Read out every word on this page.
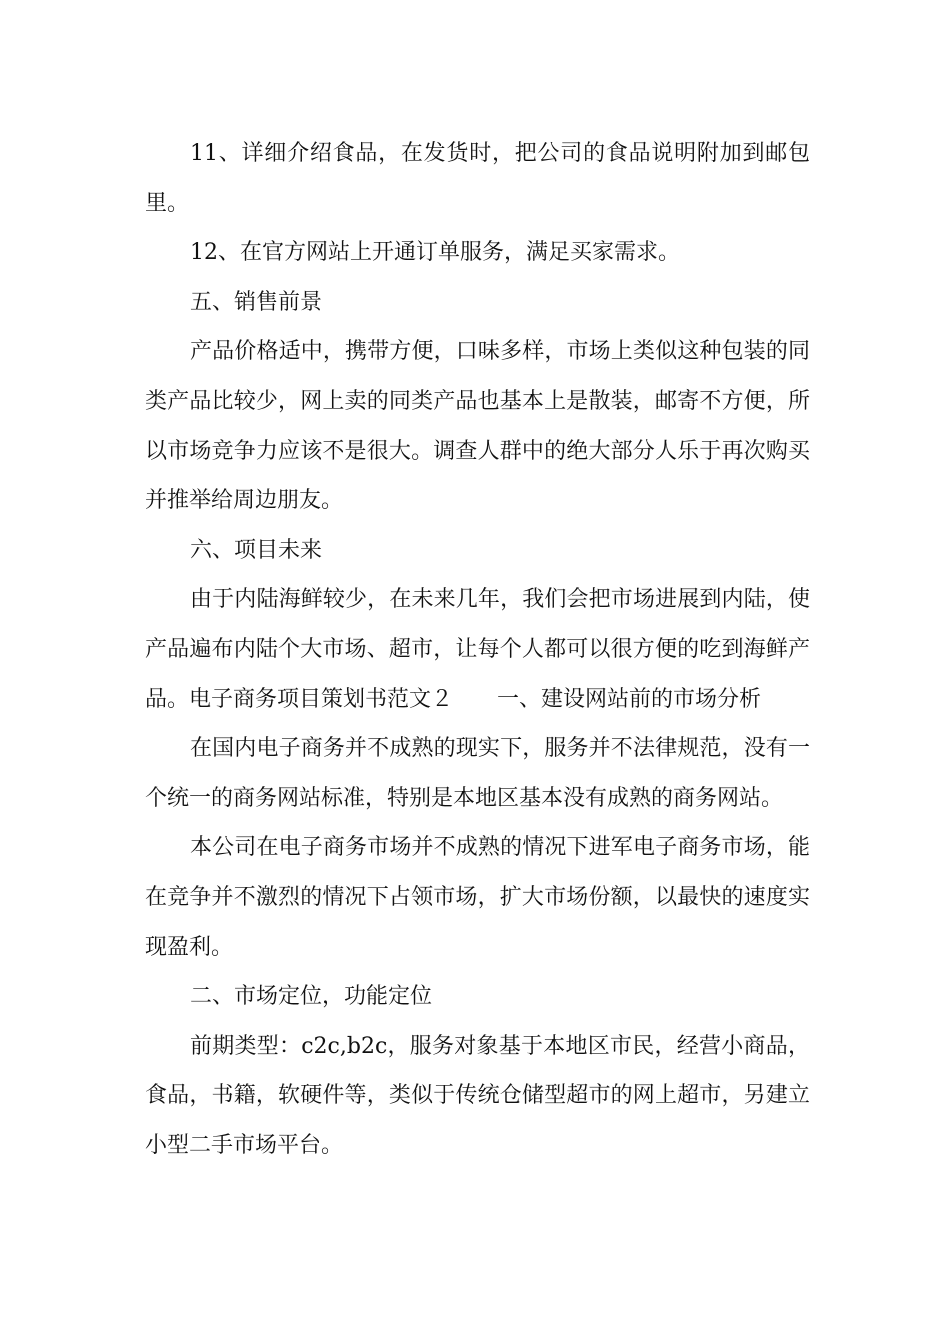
11、详细介绍食品，在发货时，把公司的食品说明附加到邮包里。

12、在官方网站上开通订单服务，满足买家需求。

五、销售前景

产品价格适中，携带方便，口味多样，市场上类似这种包装的同类产品比较少，网上卖的同类产品也基本上是散装，邮寄不方便，所以市场竞争力应该不是很大。调查人群中的绝大部分人乐于再次购买并推举给周边朋友。

六、项目未来

由于内陆海鲜较少，在未来几年，我们会把市场进展到内陆，使产品遍布内陆个大市场、超市，让每个人都可以很方便的吃到海鲜产品。电子商务项目策划书范文２　　一、建设网站前的市场分析

在国内电子商务并不成熟的现实下，服务并不法律规范，没有一个统一的商务网站标准，特别是本地区基本没有成熟的商务网站。

本公司在电子商务市场并不成熟的情况下进军电子商务市场，能在竞争并不激烈的情况下占领市场，扩大市场份额，以最快的速度实现盈利。

二、市场定位，功能定位

前期类型：c2c,b2c，服务对象基于本地区市民，经营小商品，食品，书籍，软硬件等，类似于传统仓储型超市的网上超市，另建立小型二手市场平台。
